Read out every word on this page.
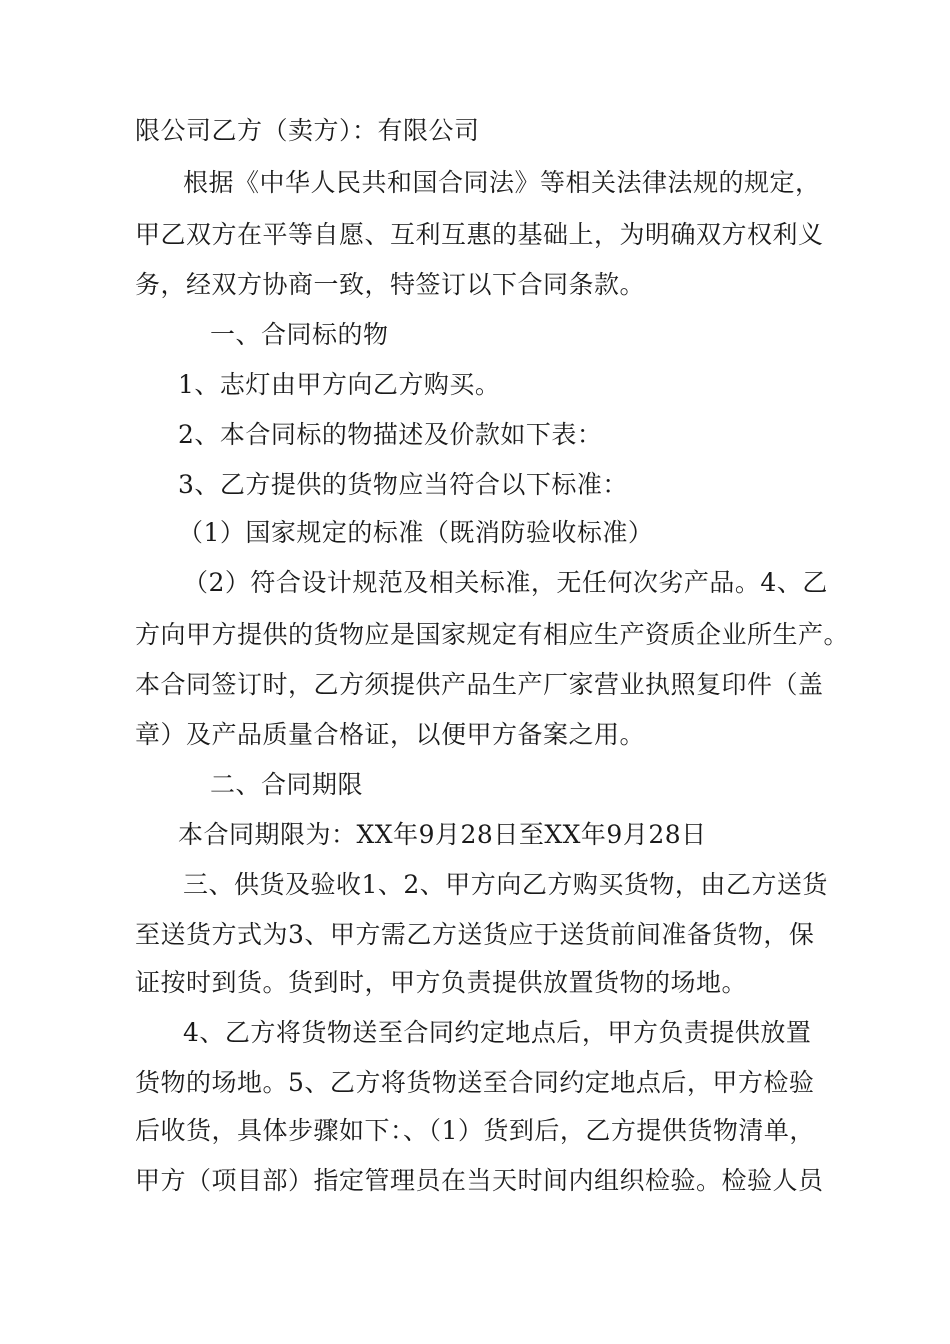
限公司乙方（卖方）：有限公司
根据《中华人民共和国合同法》等相关法律法规的规定，
甲乙双方在平等自愿、互利互惠的基础上，为明确双方权利义
务，经双方协商一致，特签订以下合同条款。
一、合同标的物
1、志灯由甲方向乙方购买。
2、本合同标的物描述及价款如下表：
3、乙方提供的货物应当符合以下标准：
（1）国家规定的标准（既消防验收标准）
（2）符合设计规范及相关标准，无任何次劣产品。4、乙
方向甲方提供的货物应是国家规定有相应生产资质企业所生产。
本合同签订时，乙方须提供产品生产厂家营业执照复印件（盖
章）及产品质量合格证，以便甲方备案之用。
二、合同期限
本合同期限为：XX年9月28日至XX年9月28日
三、供货及验收1、2、甲方向乙方购买货物，由乙方送货
至送货方式为3、甲方需乙方送货应于送货前间准备货物，保
证按时到货。货到时，甲方负责提供放置货物的场地。
4、乙方将货物送至合同约定地点后，甲方负责提供放置
货物的场地。5、乙方将货物送至合同约定地点后，甲方检验
后收货，具体步骤如下：、（1）货到后，乙方提供货物清单，
甲方（项目部）指定管理员在当天时间内组织检验。检验人员
